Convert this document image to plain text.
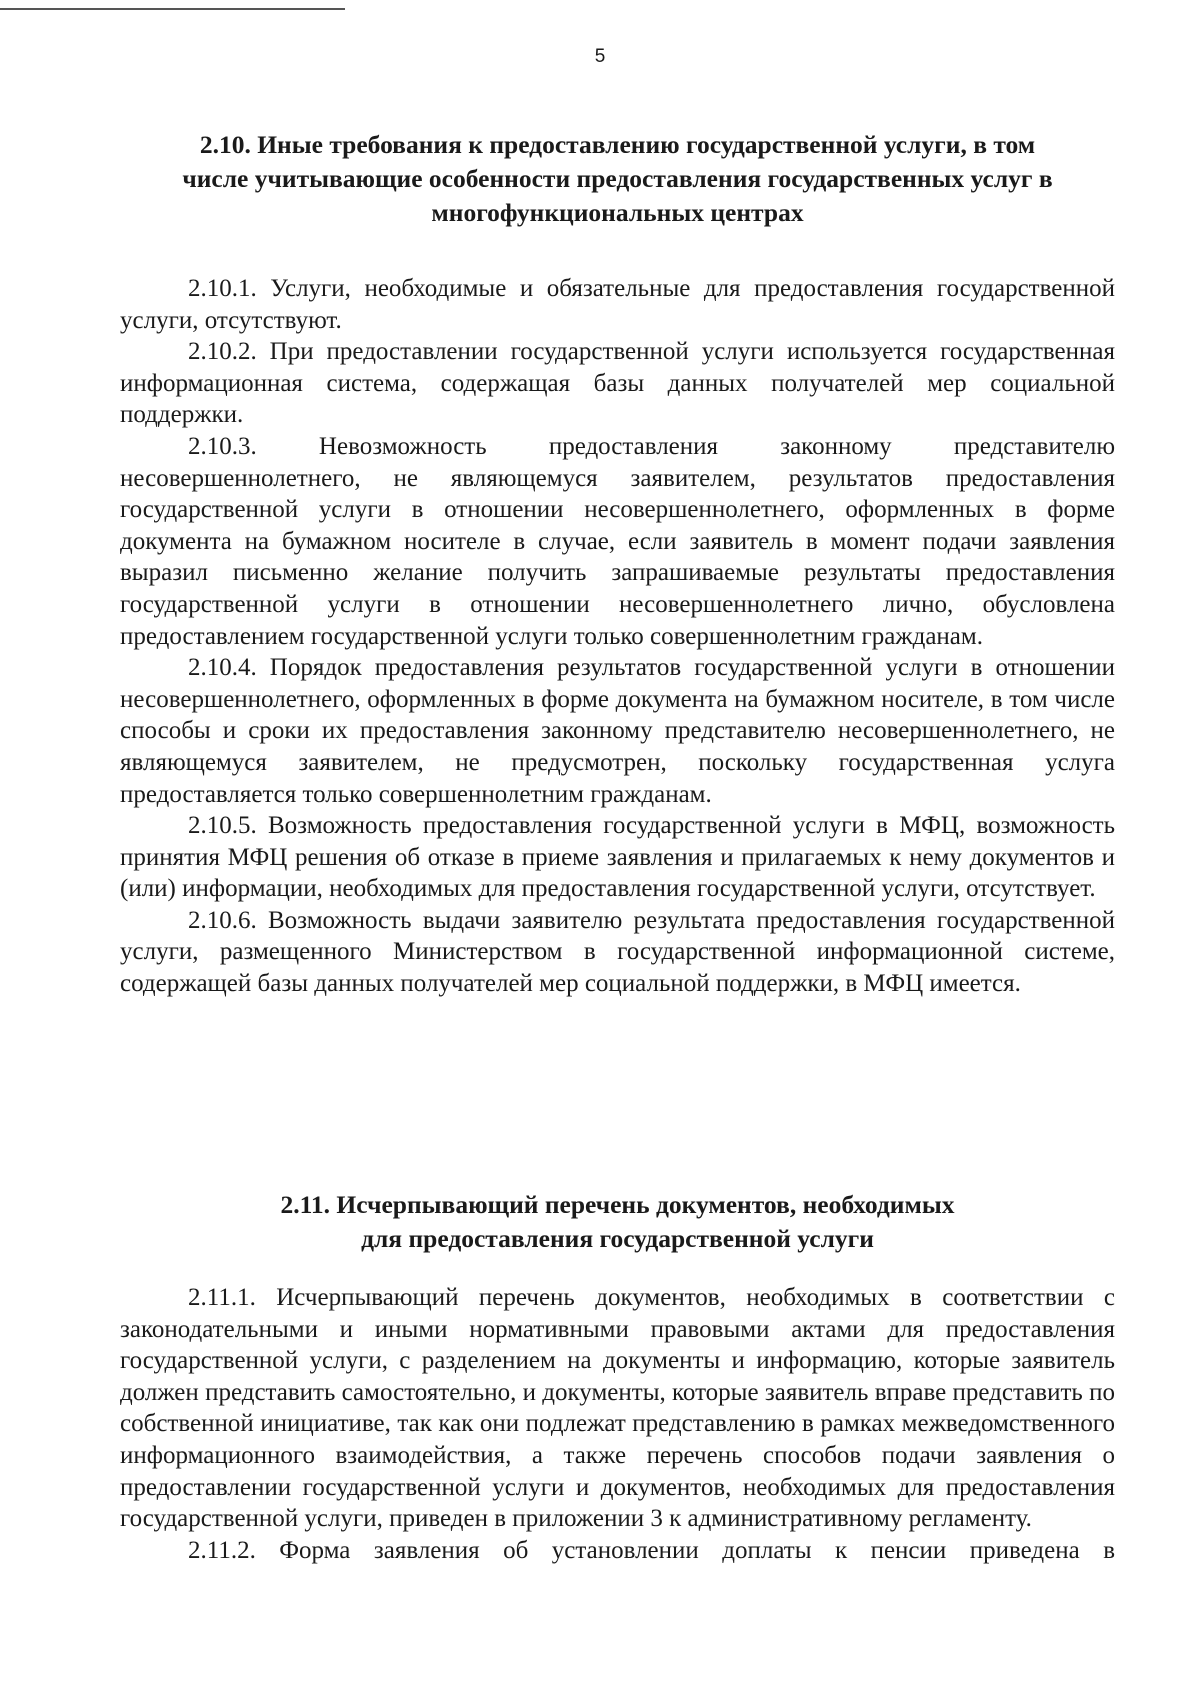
5
2.10. Иные требования к предоставлению государственной услуги, в том
числе учитывающие особенности предоставления государственных услуг в
многофункциональных центрах

2.10.1. Услуги, необходимые и обязательные для предоставления государственной услуги, отсутствуют.

2.10.2. При предоставлении государственной услуги используется государственная информационная система, содержащая базы данных получателей мер социальной поддержки.

2.10.3. Невозможность предоставления законному представителю несовершеннолетнего, не являющемуся заявителем, результатов предоставления государственной услуги в отношении несовершеннолетнего, оформленных в форме документа на бумажном носителе в случае, если заявитель в момент подачи заявления выразил письменно желание получить запрашиваемые результаты предоставления государственной услуги в отношении несовершеннолетнего лично, обусловлена предоставлением государственной услуги только совершеннолетним гражданам.

2.10.4. Порядок предоставления результатов государственной услуги в отношении несовершеннолетнего, оформленных в форме документа на бумажном носителе, в том числе способы и сроки их предоставления законному представителю несовершеннолетнего, не являющемуся заявителем, не предусмотрен, поскольку государственная услуга предоставляется только совершеннолетним гражданам.

2.10.5. Возможность предоставления государственной услуги в МФЦ, возможность принятия МФЦ решения об отказе в приеме заявления и прилагаемых к нему документов и (или) информации, необходимых для предоставления государственной услуги, отсутствует.

2.10.6. Возможность выдачи заявителю результата предоставления государственной услуги, размещенного Министерством в государственной информационной системе, содержащей базы данных получателей мер социальной поддержки, в МФЦ имеется.

2.11. Исчерпывающий перечень документов, необходимых
для предоставления государственной услуги

2.11.1. Исчерпывающий перечень документов, необходимых в соответствии с законодательными и иными нормативными правовыми актами для предоставления государственной услуги, с разделением на документы и информацию, которые заявитель должен представить самостоятельно, и документы, которые заявитель вправе представить по собственной инициативе, так как они подлежат представлению в рамках межведомственного информационного взаимодействия, а также перечень способов подачи заявления о предоставлении государственной услуги и документов, необходимых для предоставления государственной услуги, приведен в приложении 3 к административному регламенту.

2.11.2. Форма заявления об установлении доплаты к пенсии приведена в
